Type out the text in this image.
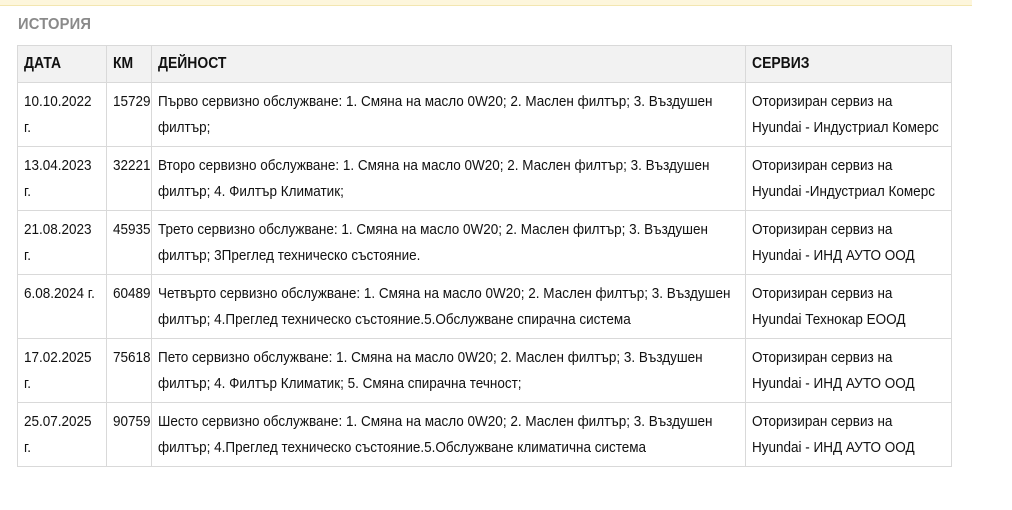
ИСТОРИЯ
ДАТА	КМ	ДЕЙНОСТ	СЕРВИЗ
10.10.2022 г.	15729	Първо сервизно обслужване: 1. Смяна на масло 0W20; 2. Маслен филтър; 3. Въздушен филтър;	Оторизиран сервиз на Hyundai - Индустриал Комерс
13.04.2023 г.	32221	Второ сервизно обслужване: 1. Смяна на масло 0W20; 2. Маслен филтър; 3. Въздушен филтър; 4. Филтър Климатик;	Оторизиран сервиз на Hyundai -Индустриал Комерс
21.08.2023 г.	45935	Трето сервизно обслужване: 1. Смяна на масло 0W20; 2. Маслен филтър; 3. Въздушен филтър; 3Преглед техническо състояние.	Оторизиран сервиз на Hyundai - ИНД АУТО ООД
6.08.2024 г.	60489	Четвърто сервизно обслужване: 1. Смяна на масло 0W20; 2. Маслен филтър; 3. Въздушен филтър; 4.Преглед техническо състояние.5.Обслужване спирачна система	Оторизиран сервиз на Hyundai Технокар ЕООД
17.02.2025 г.	75618	Пето сервизно обслужване: 1. Смяна на масло 0W20; 2. Маслен филтър; 3. Въздушен филтър; 4. Филтър Климатик; 5. Смяна спирачна течност;	Оторизиран сервиз на Hyundai - ИНД АУТО ООД
25.07.2025 г.	90759	Шесто сервизно обслужване: 1. Смяна на масло 0W20; 2. Маслен филтър; 3. Въздушен филтър; 4.Преглед техническо състояние.5.Обслужване климатична система	Оторизиран сервиз на Hyundai - ИНД АУТО ООД
